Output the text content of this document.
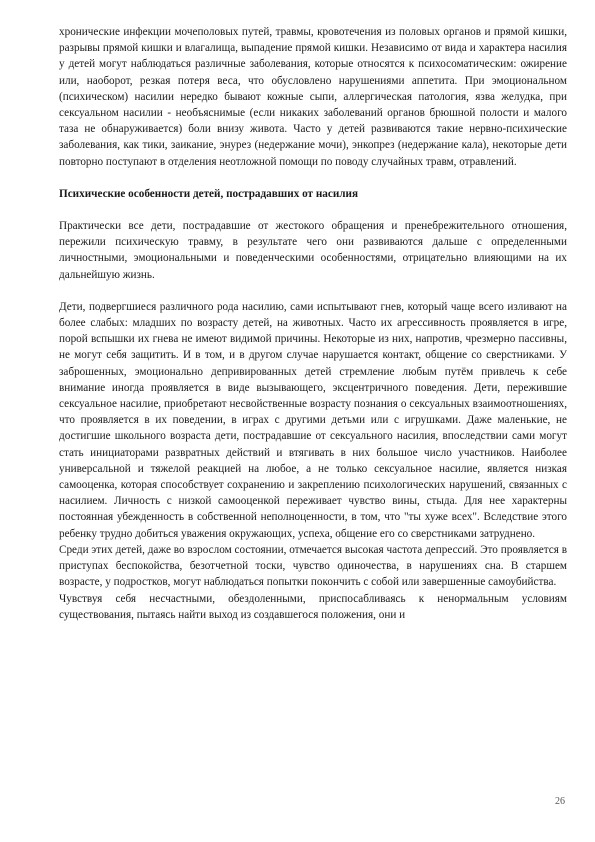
хронические инфекции мочеполовых путей, травмы, кровотечения из половых органов и прямой кишки, разрывы прямой кишки и влагалища, выпадение прямой кишки. Независимо от вида и характера насилия у детей могут наблюдаться различные заболевания, которые относятся к психосоматическим: ожирение или, наоборот, резкая потеря веса, что обусловлено нарушениями аппетита. При эмоциональном (психическом) насилии нередко бывают кожные сыпи, аллергическая патология, язва желудка, при сексуальном насилии - необъяснимые (если никаких заболеваний органов брюшной полости и малого таза не обнаруживается) боли внизу живота. Часто у детей развиваются такие нервно-психические заболевания, как тики, заикание, энурез (недержание мочи), энкопрез (недержание кала), некоторые дети повторно поступают в отделения неотложной помощи по поводу случайных травм, отравлений.

Психические особенности детей, пострадавших от насилия

Практически все дети, пострадавшие от жестокого обращения и пренебрежительного отношения, пережили психическую травму, в результате чего они развиваются дальше с определенными личностными, эмоциональными и поведенческими особенностями, отрицательно влияющими на их дальнейшую жизнь.

Дети, подвергшиеся различного рода насилию, сами испытывают гнев, который чаще всего изливают на более слабых: младших по возрасту детей, на животных. Часто их агрессивность проявляется в игре, порой вспышки их гнева не имеют видимой причины. Некоторые из них, напротив, чрезмерно пассивны, не могут себя защитить. И в том, и в другом случае нарушается контакт, общение со сверстниками. У заброшенных, эмоционально депривированных детей стремление любым путём привлечь к себе внимание иногда проявляется в виде вызывающего, эксцентричного поведения. Дети, пережившие сексуальное насилие, приобретают несвойственные возрасту познания о сексуальных взаимоотношениях, что проявляется в их поведении, в играх с другими детьми или с игрушками. Даже маленькие, не достигшие школьного возраста дети, пострадавшие от сексуального насилия, впоследствии сами могут стать инициаторами развратных действий и втягивать в них большое число участников. Наиболее универсальной и тяжелой реакцией на любое, а не только сексуальное насилие, является низкая самооценка, которая способствует сохранению и закреплению психологических нарушений, связанных с насилием. Личность с низкой самооценкой переживает чувство вины, стыда. Для нее характерны постоянная убежденность в собственной неполноценности, в том, что "ты хуже всех". Вследствие этого ребенку трудно добиться уважения окружающих, успеха, общение его со сверстниками затруднено.

Среди этих детей, даже во взрослом состоянии, отмечается высокая частота депрессий. Это проявляется в приступах беспокойства, безотчетной тоски, чувство одиночества, в нарушениях сна. В старшем возрасте, у подростков, могут наблюдаться попытки покончить с собой или завершенные самоубийства.

Чувствуя себя несчастными, обездоленными, приспосабливаясь к ненормальным условиям существования, пытаясь найти выход из создавшегося положения, они и

26
